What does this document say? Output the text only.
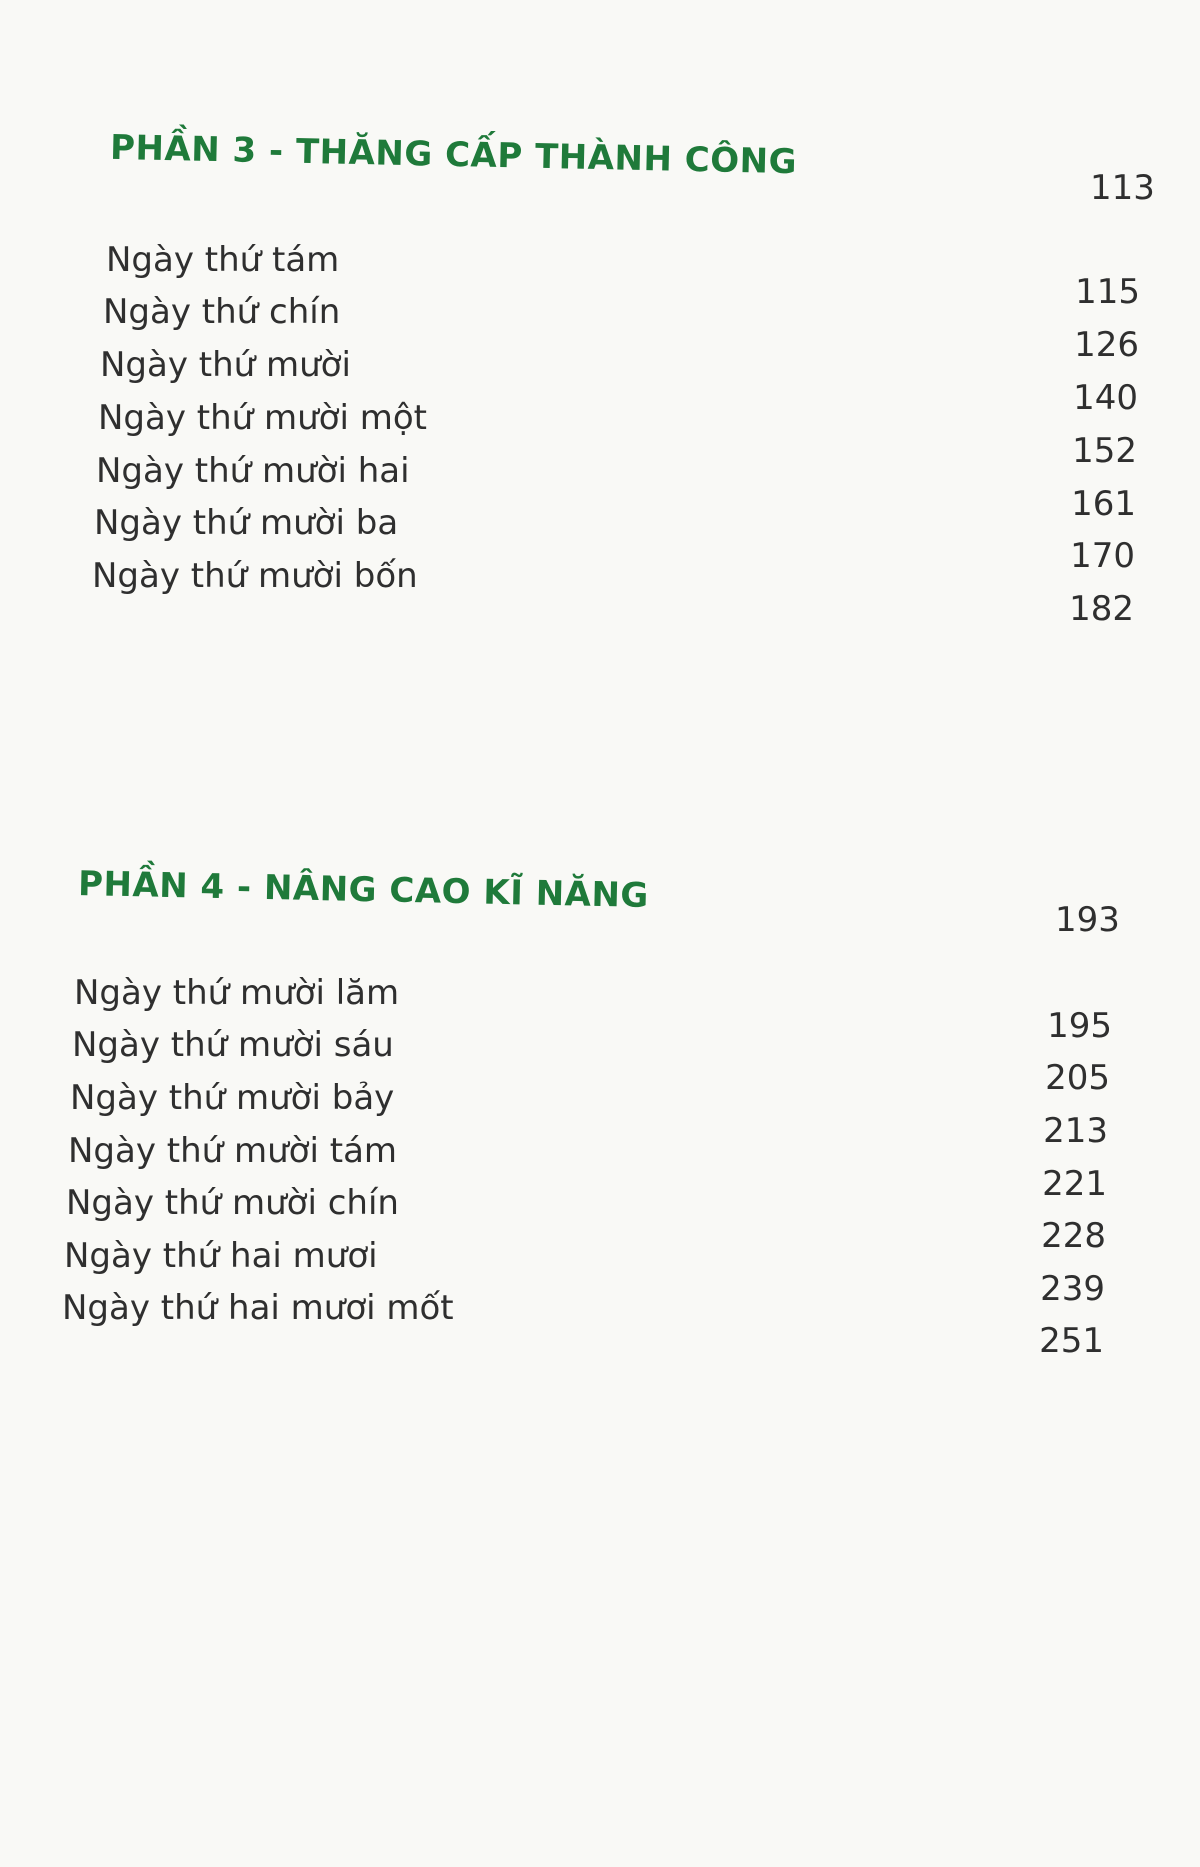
PHẦN 3 - THĂNG CẤP THÀNH CÔNG
113
Ngày thứ tám
Ngày thứ chín
Ngày thứ mười
Ngày thứ mười một
Ngày thứ mười hai
Ngày thứ mười ba
Ngày thứ mười bốn
115
126
140
152
161
170
182
PHẦN 4 - NÂNG CAO KĨ NĂNG
193
Ngày thứ mười lăm
Ngày thứ mười sáu
Ngày thứ mười bảy
Ngày thứ mười tám
Ngày thứ mười chín
Ngày thứ hai mươi
Ngày thứ hai mươi mốt
195
205
213
221
228
239
251
